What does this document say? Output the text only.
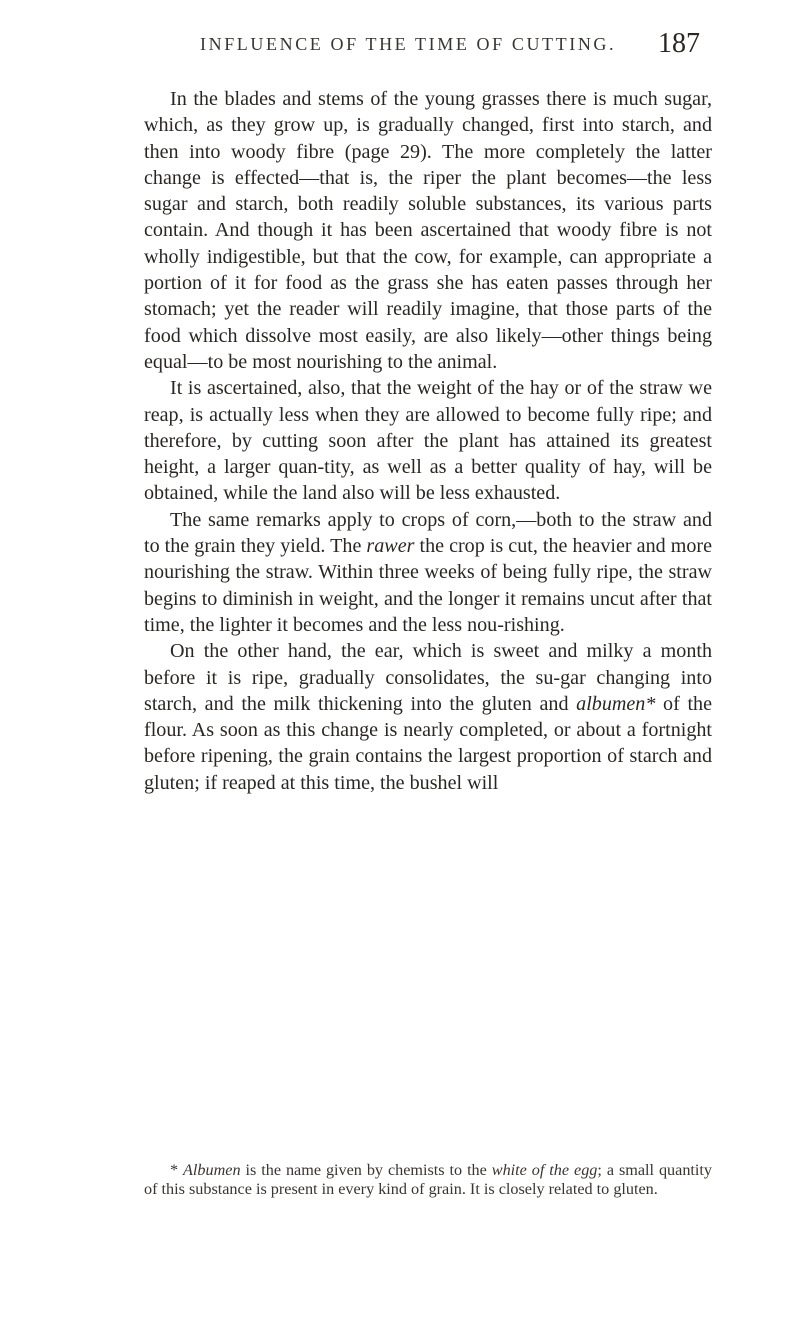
INFLUENCE OF THE TIME OF CUTTING. 187

In the blades and stems of the young grasses there is much sugar, which, as they grow up, is gradually changed, first into starch, and then into woody fibre (page 29). The more completely the latter change is effected—that is, the riper the plant becomes—the less sugar and starch, both readily soluble substances, its various parts contain. And though it has been ascertained that woody fibre is not wholly indigestible, but that the cow, for example, can appropriate a portion of it for food as the grass she has eaten passes through her stomach; yet the reader will readily imagine, that those parts of the food which dissolve most easily, are also likely—other things being equal—to be most nourishing to the animal.

It is ascertained, also, that the weight of the hay or of the straw we reap, is actually less when they are allowed to become fully ripe; and therefore, by cutting soon after the plant has attained its greatest height, a larger quan-tity, as well as a better quality of hay, will be obtained, while the land also will be less exhausted.

The same remarks apply to crops of corn,—both to the straw and to the grain they yield. The rawer the crop is cut, the heavier and more nourishing the straw. Within three weeks of being fully ripe, the straw begins to diminish in weight, and the longer it remains uncut after that time, the lighter it becomes and the less nou-rishing.

On the other hand, the ear, which is sweet and milky a month before it is ripe, gradually consolidates, the su-gar changing into starch, and the milk thickening into the gluten and albumen* of the flour. As soon as this change is nearly completed, or about a fortnight before ripening, the grain contains the largest proportion of starch and gluten; if reaped at this time, the bushel will

* Albumen is the name given by chemists to the white of the egg; a small quantity of this substance is present in every kind of grain. It is closely related to gluten.
